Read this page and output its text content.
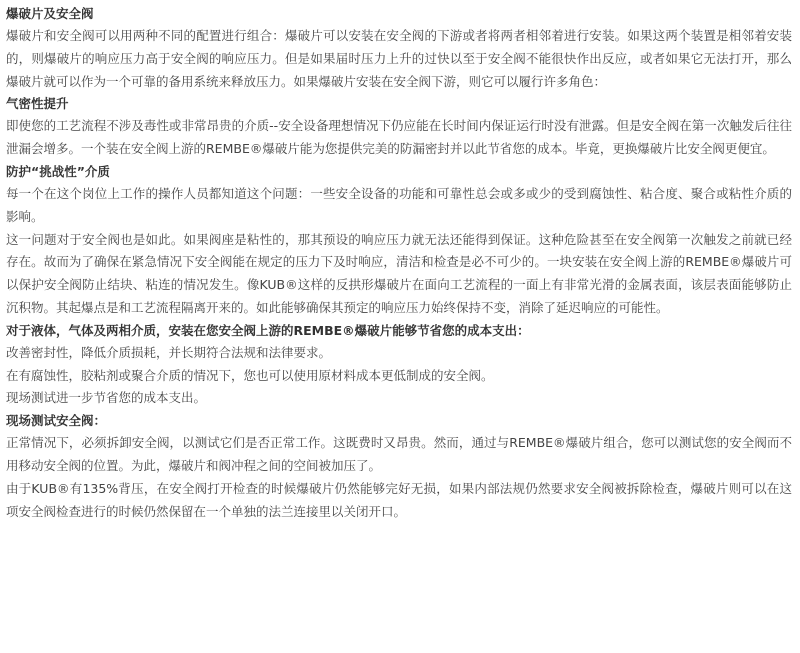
爆破片及安全阀

爆破片和安全阀可以用两种不同的配置进行组合：爆破片可以安装在安全阀的下游或者将两者相邻着进行安装。如果这两个装置是相邻着安装的，则爆破片的响应压力高于安全阀的响应压力。但是如果届时压力上升的过快以至于安全阀不能很快作出反应，或者如果它无法打开，那么爆破片就可以作为一个可靠的备用系统来释放压力。如果爆破片安装在安全阀下游，则它可以履行许多角色：

气密性提升

即使您的工艺流程不涉及毒性或非常昂贵的介质--安全设备理想情况下仍应能在长时间内保证运行时没有泄露。但是安全阀在第一次触发后往往泄漏会增多。一个装在安全阀上游的REMBE®爆破片能为您提供完美的防漏密封并以此节省您的成本。毕竟，更换爆破片比安全阀更便宜。

防护“挑战性”介质

每一个在这个岗位上工作的操作人员都知道这个问题：一些安全设备的功能和可靠性总会或多或少的受到腐蚀性、粘合度、聚合或粘性介质的影响。

这一问题对于安全阀也是如此。如果阀座是粘性的，那其预设的响应压力就无法还能得到保证。这种危险甚至在安全阀第一次触发之前就已经存在。故而为了确保在紧急情况下安全阀能在规定的压力下及时响应，清洁和检查是必不可少的。一块安装在安全阀上游的REMBE®爆破片可以保护安全阀防止结块、粘连的情况发生。像KUB®这样的反拱形爆破片在面向工艺流程的一面上有非常光滑的金属表面，该层表面能够防止沉积物。其起爆点是和工艺流程隔离开来的。如此能够确保其预定的响应压力始终保持不变，消除了延迟响应的可能性。

对于液体，气体及两相介质，安装在您安全阀上游的REMBE®爆破片能够节省您的成本支出：

改善密封性，降低介质损耗，并长期符合法规和法律要求。

在有腐蚀性，胶粘剂或聚合介质的情况下，您也可以使用原材料成本更低制成的安全阀。

现场测试进一步节省您的成本支出。

现场测试安全阀：

正常情况下，必须拆卸安全阀，以测试它们是否正常工作。这既费时又昂贵。然而，通过与REMBE®爆破片组合，您可以测试您的安全阀而不用移动安全阀的位置。为此，爆破片和阀冲程之间的空间被加压了。

由于KUB®有135%背压，在安全阀打开检查的时候爆破片仍然能够完好无损，如果内部法规仍然要求安全阀被拆除检查，爆破片则可以在这项安全阀检查进行的时候仍然保留在一个单独的法兰连接里以关闭开口。
